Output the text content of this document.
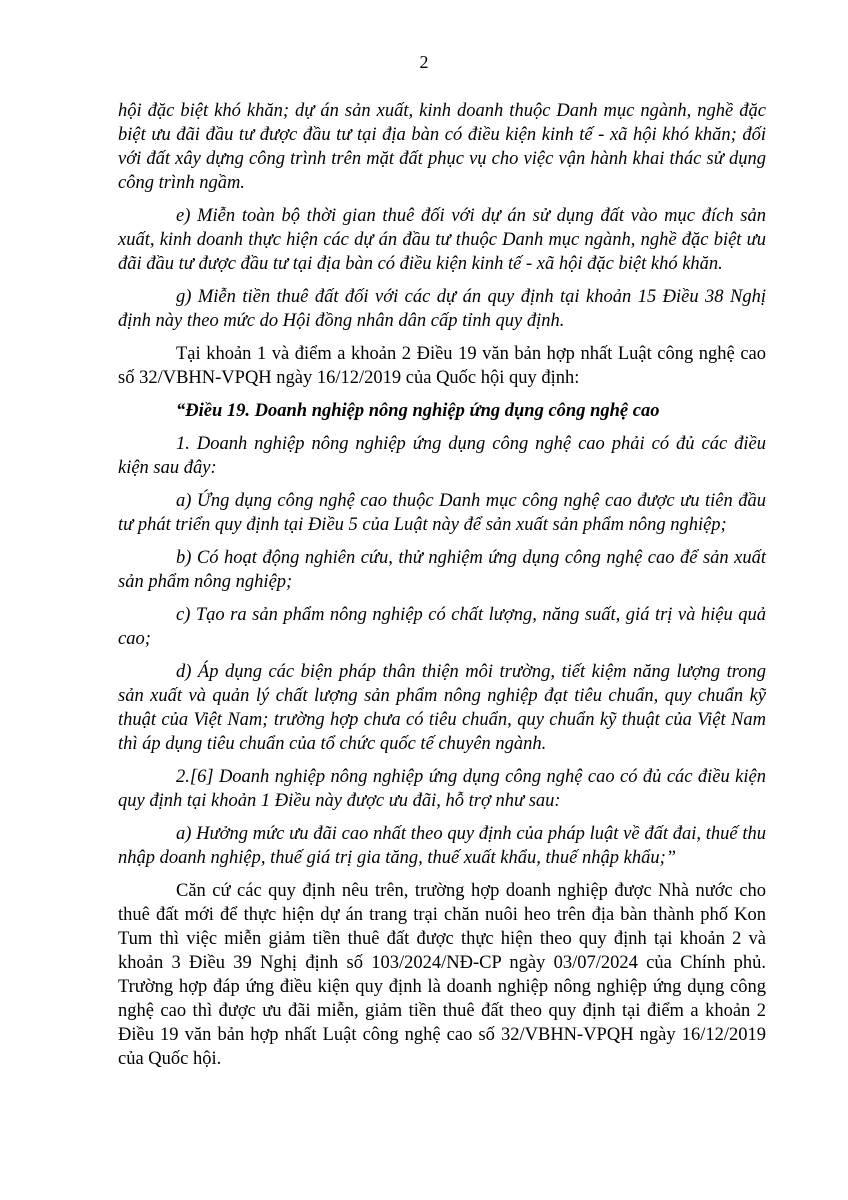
2

hội đặc biệt khó khăn; dự án sản xuất, kinh doanh thuộc Danh mục ngành, nghề đặc biệt ưu đãi đầu tư được đầu tư tại địa bàn có điều kiện kinh tế - xã hội khó khăn; đối với đất xây dựng công trình trên mặt đất phục vụ cho việc vận hành khai thác sử dụng công trình ngầm.

e) Miễn toàn bộ thời gian thuê đối với dự án sử dụng đất vào mục đích sản xuất, kinh doanh thực hiện các dự án đầu tư thuộc Danh mục ngành, nghề đặc biệt ưu đãi đầu tư được đầu tư tại địa bàn có điều kiện kinh tế - xã hội đặc biệt khó khăn.

g) Miễn tiền thuê đất đối với các dự án quy định tại khoản 15 Điều 38 Nghị định này theo mức do Hội đồng nhân dân cấp tỉnh quy định.

Tại khoản 1 và điểm a khoản 2 Điều 19 văn bản hợp nhất Luật công nghệ cao số 32/VBHN-VPQH ngày 16/12/2019 của Quốc hội quy định:

“Điều 19. Doanh nghiệp nông nghiệp ứng dụng công nghệ cao

1. Doanh nghiệp nông nghiệp ứng dụng công nghệ cao phải có đủ các điều kiện sau đây:

a) Ứng dụng công nghệ cao thuộc Danh mục công nghệ cao được ưu tiên đầu tư phát triển quy định tại Điều 5 của Luật này để sản xuất sản phẩm nông nghiệp;

b) Có hoạt động nghiên cứu, thử nghiệm ứng dụng công nghệ cao để sản xuất sản phẩm nông nghiệp;

c) Tạo ra sản phẩm nông nghiệp có chất lượng, năng suất, giá trị và hiệu quả cao;

d) Áp dụng các biện pháp thân thiện môi trường, tiết kiệm năng lượng trong sản xuất và quản lý chất lượng sản phẩm nông nghiệp đạt tiêu chuẩn, quy chuẩn kỹ thuật của Việt Nam; trường hợp chưa có tiêu chuẩn, quy chuẩn kỹ thuật của Việt Nam thì áp dụng tiêu chuẩn của tổ chức quốc tế chuyên ngành.

2.[6] Doanh nghiệp nông nghiệp ứng dụng công nghệ cao có đủ các điều kiện quy định tại khoản 1 Điều này được ưu đãi, hỗ trợ như sau:

a) Hưởng mức ưu đãi cao nhất theo quy định của pháp luật về đất đai, thuế thu nhập doanh nghiệp, thuế giá trị gia tăng, thuế xuất khẩu, thuế nhập khẩu;”

Căn cứ các quy định nêu trên, trường hợp doanh nghiệp được Nhà nước cho thuê đất mới để thực hiện dự án trang trại chăn nuôi heo trên địa bàn thành phố Kon Tum thì việc miễn giảm tiền thuê đất được thực hiện theo quy định tại khoản 2 và khoản 3 Điều 39 Nghị định số 103/2024/NĐ-CP ngày 03/07/2024 của Chính phủ. Trường hợp đáp ứng điều kiện quy định là doanh nghiệp nông nghiệp ứng dụng công nghệ cao thì được ưu đãi miễn, giảm tiền thuê đất theo quy định tại điểm a khoản 2 Điều 19 văn bản hợp nhất Luật công nghệ cao số 32/VBHN-VPQH ngày 16/12/2019 của Quốc hội.
